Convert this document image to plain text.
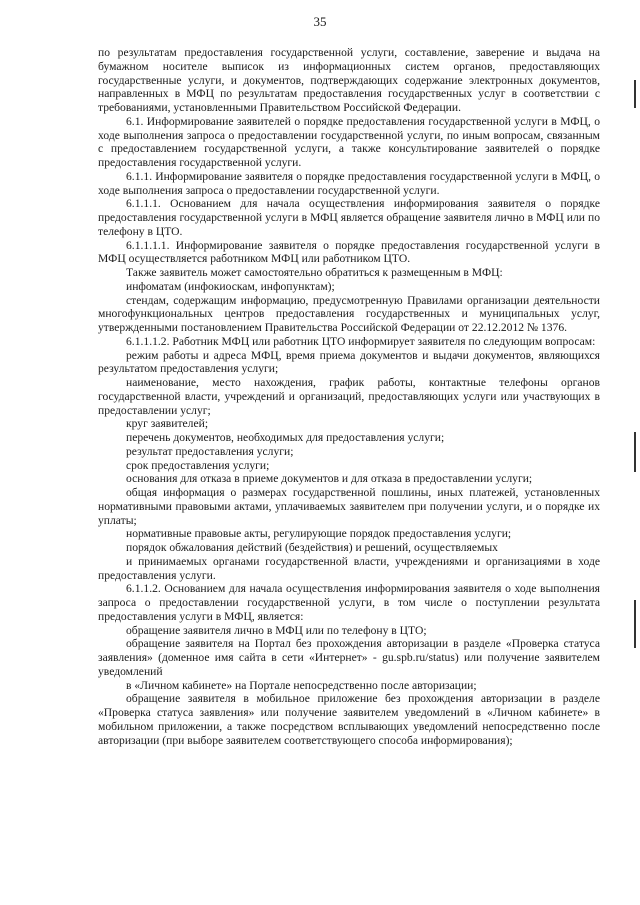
35

по результатам предоставления государственной услуги, составление, заверение и выдача на бумажном носителе выписок из информационных систем органов, предоставляющих государственные услуги, и документов, подтверждающих содержание электронных документов, направленных в МФЦ по результатам предоставления государственных услуг в соответствии с требованиями, установленными Правительством Российской Федерации.

6.1. Информирование заявителей о порядке предоставления государственной услуги в МФЦ, о ходе выполнения запроса о предоставлении государственной услуги, по иным вопросам, связанным с предоставлением государственной услуги, а также консультирование заявителей о порядке предоставления государственной услуги.

6.1.1. Информирование заявителя о порядке предоставления государственной услуги в МФЦ, о ходе выполнения запроса о предоставлении государственной услуги.

6.1.1.1. Основанием для начала осуществления информирования заявителя о порядке предоставления государственной услуги в МФЦ является обращение заявителя лично в МФЦ или по телефону в ЦТО.

6.1.1.1.1. Информирование заявителя о порядке предоставления государственной услуги в МФЦ осуществляется работником МФЦ или работником ЦТО.

Также заявитель может самостоятельно обратиться к размещенным в МФЦ:

инфоматам (инфокиоскам, инфопунктам);

стендам, содержащим информацию, предусмотренную Правилами организации деятельности многофункциональных центров предоставления государственных и муниципальных услуг, утвержденными постановлением Правительства Российской Федерации от 22.12.2012 № 1376.

6.1.1.1.2. Работник МФЦ или работник ЦТО информирует заявителя по следующим вопросам:

режим работы и адреса МФЦ, время приема документов и выдачи документов, являющихся результатом предоставления услуги;

наименование, место нахождения, график работы, контактные телефоны органов государственной власти, учреждений и организаций, предоставляющих услуги или участвующих в предоставлении услуг;

круг заявителей;

перечень документов, необходимых для предоставления услуги;

результат предоставления услуги;

срок предоставления услуги;

основания для отказа в приеме документов и для отказа в предоставлении услуги;

общая информация о размерах государственной пошлины, иных платежей, установленных нормативными правовыми актами, уплачиваемых заявителем при получении услуги, и о порядке их уплаты;

нормативные правовые акты, регулирующие порядок предоставления услуги;

порядок обжалования действий (бездействия) и решений, осуществляемых

и принимаемых органами государственной власти, учреждениями и организациями в ходе предоставления услуги.

6.1.1.2. Основанием для начала осуществления информирования заявителя о ходе выполнения запроса о предоставлении государственной услуги, в том числе о поступлении результата предоставления услуги в МФЦ, является:

обращение заявителя лично в МФЦ или по телефону в ЦТО;

обращение заявителя на Портал без прохождения авторизации в разделе «Проверка статуса заявления» (доменное имя сайта в сети «Интернет» - gu.spb.ru/status) или получение заявителем уведомлений

в «Личном кабинете» на Портале непосредственно после авторизации;

обращение заявителя в мобильное приложение без прохождения авторизации в разделе «Проверка статуса заявления» или получение заявителем уведомлений в «Личном кабинете» в мобильном приложении, а также посредством всплывающих уведомлений непосредственно после авторизации (при выборе заявителем соответствующего способа информирования);
